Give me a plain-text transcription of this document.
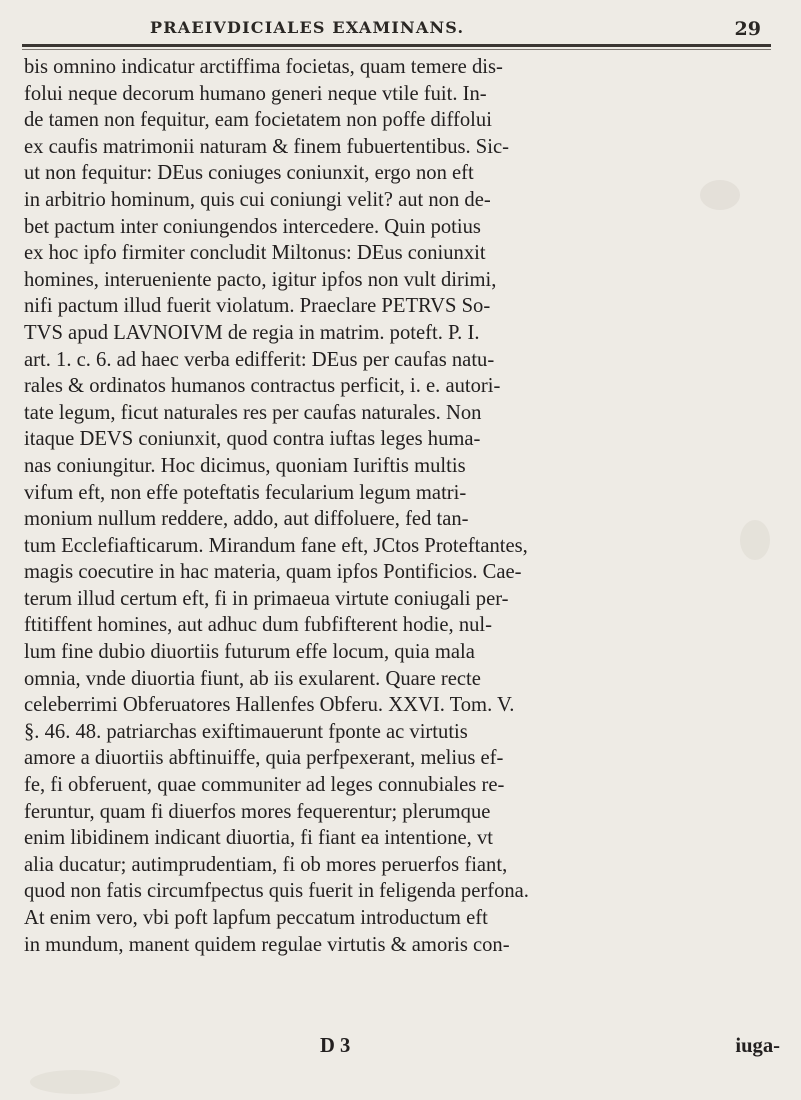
PRAEIVDICIALES EXAMINANS.	29
bis omnino indicatur arctiffima focietas, quam temere dis-
folui neque decorum humano generi neque vtile fuit. In-
de tamen non fequitur, eam focietatem non poffe diffolui
ex caufis matrimonii naturam & finem fubuertentibus. Sic-
ut non fequitur: DEus coniuges coniunxit, ergo non eft
in arbitrio hominum, quis cui coniungi velit? aut non de-
bet pactum inter coniungendos intercedere. Quin potius
ex hoc ipfo firmiter concludit Miltonus: DEus coniunxit
homines, interueniente pacto, igitur ipfos non vult dirimi,
nifi pactum illud fuerit violatum. Praeclare PETRVS So-
TVS apud LAVNOIVM de regia in matrim. poteft. P. I.
art. 1. c. 6. ad haec verba edifferit: DEus per caufas natu-
rales & ordinatos humanos contractus perficit, i. e. autori-
tate legum, ficut naturales res per caufas naturales. Non
itaque DEVS coniunxit, quod contra iuftas leges huma-
nas coniungitur. Hoc dicimus, quoniam Iuriftis multis
vifum eft, non effe poteftatis fecularium legum matri-
monium nullum reddere, addo, aut diffoluere, fed tan-
tum Ecclefiafticarum. Mirandum fane eft, JCtos Proteftantes,
magis coecutire in hac materia, quam ipfos Pontificios. Cae-
terum illud certum eft, fi in primaeua virtute coniugali per-
ftitiffent homines, aut adhuc dum fubfifterent hodie, nul-
lum fine dubio diuortiis futurum effe locum, quia mala
omnia, vnde diuortia fiunt, ab iis exularent. Quare recte
celeberrimi Obferuatores Hallenfes Obferu. XXVI. Tom. V.
§. 46. 48. patriarchas exiftimauerunt fponte ac virtutis
amore a diuortiis abftinuiffe, quia perfpexerant, melius ef-
fe, fi obferuent, quae communiter ad leges connubiales re-
feruntur, quam fi diuerfos mores fequerentur; plerumque
enim libidinem indicant diuortia, fi fiant ea intentione, vt
alia ducatur; autimprudentiam, fi ob mores peruerfos fiant,
quod non fatis circumfpectus quis fuerit in feligenda perfona.
At enim vero, vbi poft lapfum peccatum introductum eft
in mundum, manent quidem regulae virtutis & amoris con-
D 3	iuga-
